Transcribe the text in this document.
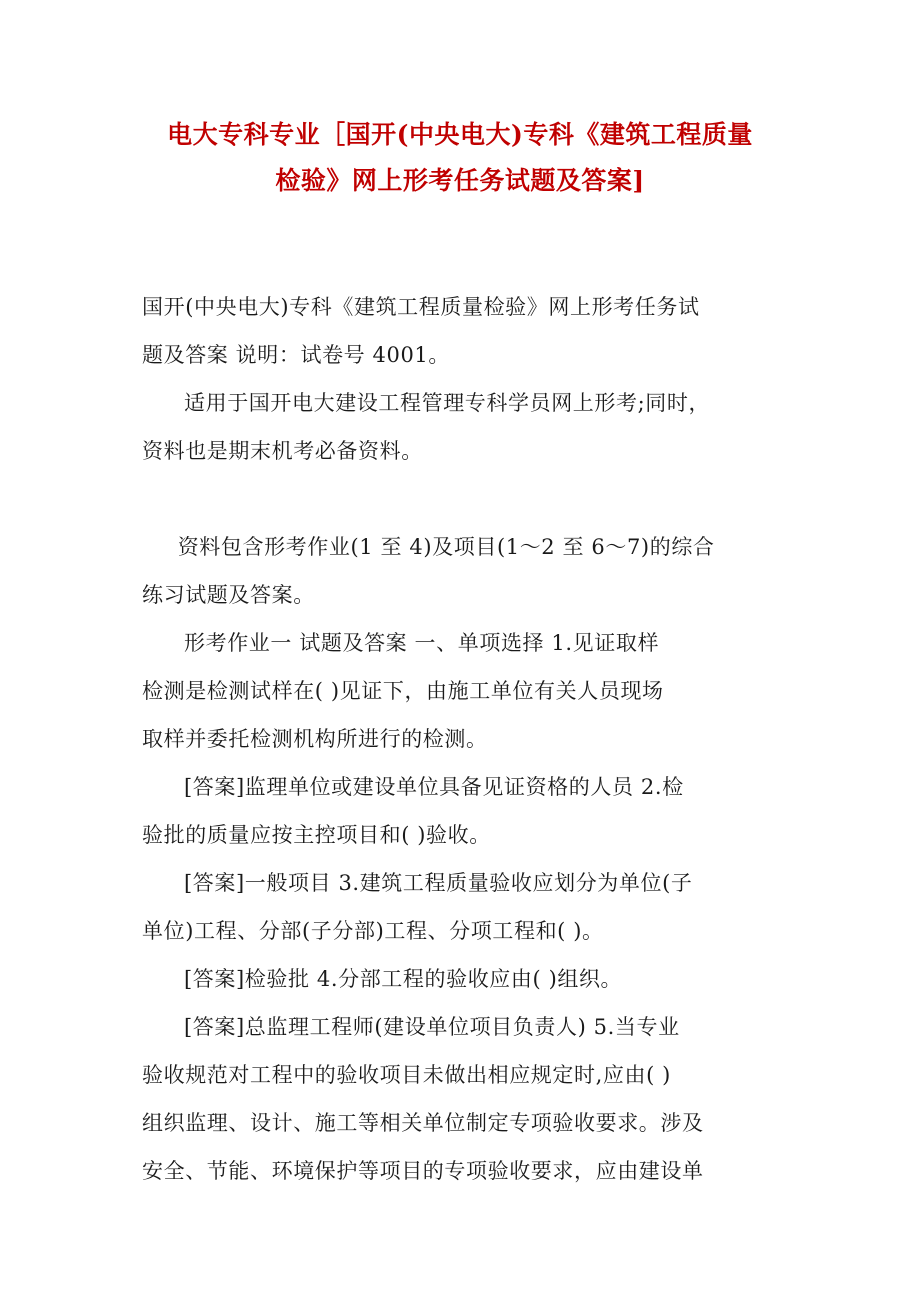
电大专科专业［国开(中央电大)专科《建筑工程质量
检验》网上形考任务试题及答案]

国开(中央电大)专科《建筑工程质量检验》网上形考任务试
题及答案 说明：试卷号 4001。

适用于国开电大建设工程管理专科学员网上形考;同时，
资料也是期末机考必备资料。

资料包含形考作业(1 至 4)及项目(1～2 至 6～7)的综合
练习试题及答案。

形考作业一 试题及答案 一、单项选择 1.见证取样
检测是检测试样在( )见证下，由施工单位有关人员现场
取样并委托检测机构所进行的检测。

[答案]监理单位或建设单位具备见证资格的人员 2.检
验批的质量应按主控项目和( )验收。

[答案]一般项目 3.建筑工程质量验收应划分为单位(子
单位)工程、分部(子分部)工程、分项工程和( )。

[答案]检验批 4.分部工程的验收应由( )组织。

[答案]总监理工程师(建设单位项目负责人) 5.当专业
验收规范对工程中的验收项目未做出相应规定时,应由( )
组织监理、设计、施工等相关单位制定专项验收要求。涉及
安全、节能、环境保护等项目的专项验收要求，应由建设单
